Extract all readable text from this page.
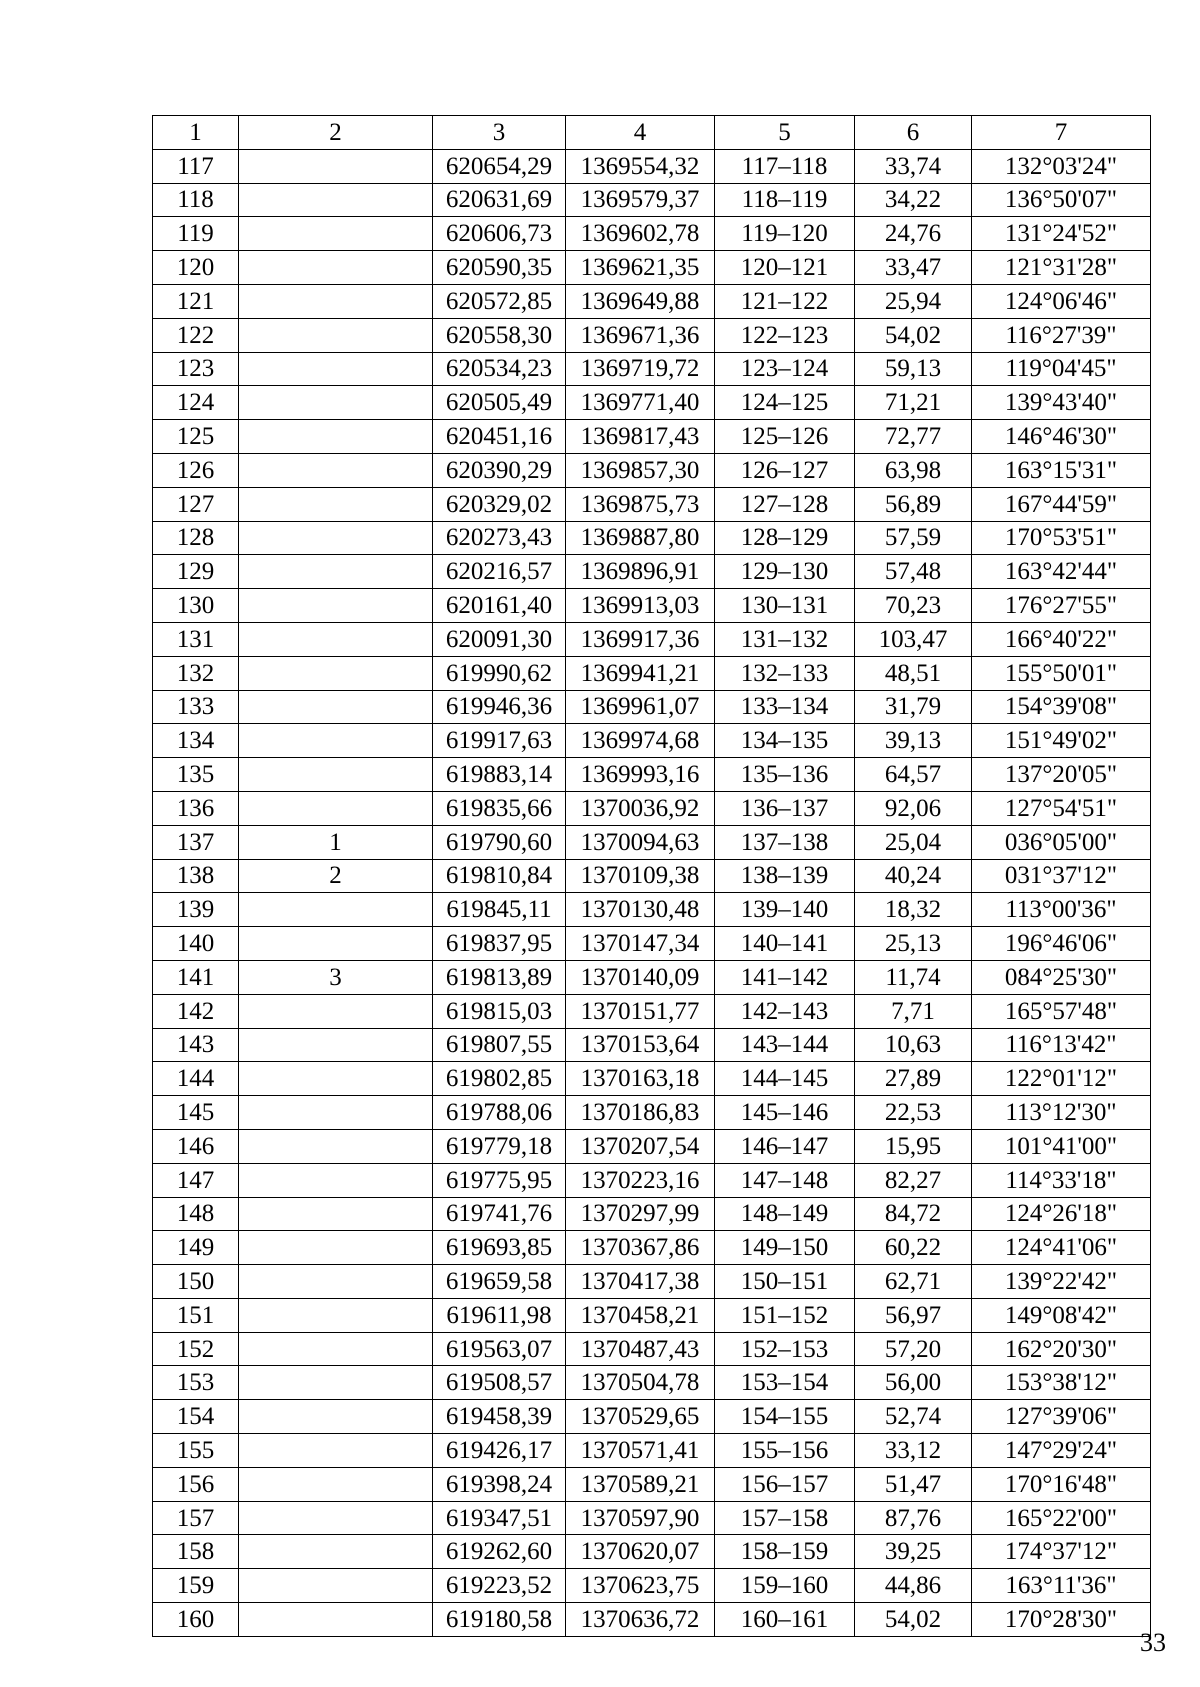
1	2	3	4	5	6	7
117		620654,29	1369554,32	117–118	33,74	132°03'24"
118		620631,69	1369579,37	118–119	34,22	136°50'07"
119		620606,73	1369602,78	119–120	24,76	131°24'52"
120		620590,35	1369621,35	120–121	33,47	121°31'28"
121		620572,85	1369649,88	121–122	25,94	124°06'46"
122		620558,30	1369671,36	122–123	54,02	116°27'39"
123		620534,23	1369719,72	123–124	59,13	119°04'45"
124		620505,49	1369771,40	124–125	71,21	139°43'40"
125		620451,16	1369817,43	125–126	72,77	146°46'30"
126		620390,29	1369857,30	126–127	63,98	163°15'31"
127		620329,02	1369875,73	127–128	56,89	167°44'59"
128		620273,43	1369887,80	128–129	57,59	170°53'51"
129		620216,57	1369896,91	129–130	57,48	163°42'44"
130		620161,40	1369913,03	130–131	70,23	176°27'55"
131		620091,30	1369917,36	131–132	103,47	166°40'22"
132		619990,62	1369941,21	132–133	48,51	155°50'01"
133		619946,36	1369961,07	133–134	31,79	154°39'08"
134		619917,63	1369974,68	134–135	39,13	151°49'02"
135		619883,14	1369993,16	135–136	64,57	137°20'05"
136		619835,66	1370036,92	136–137	92,06	127°54'51"
137	1	619790,60	1370094,63	137–138	25,04	036°05'00"
138	2	619810,84	1370109,38	138–139	40,24	031°37'12"
139		619845,11	1370130,48	139–140	18,32	113°00'36"
140		619837,95	1370147,34	140–141	25,13	196°46'06"
141	3	619813,89	1370140,09	141–142	11,74	084°25'30"
142		619815,03	1370151,77	142–143	7,71	165°57'48"
143		619807,55	1370153,64	143–144	10,63	116°13'42"
144		619802,85	1370163,18	144–145	27,89	122°01'12"
145		619788,06	1370186,83	145–146	22,53	113°12'30"
146		619779,18	1370207,54	146–147	15,95	101°41'00"
147		619775,95	1370223,16	147–148	82,27	114°33'18"
148		619741,76	1370297,99	148–149	84,72	124°26'18"
149		619693,85	1370367,86	149–150	60,22	124°41'06"
150		619659,58	1370417,38	150–151	62,71	139°22'42"
151		619611,98	1370458,21	151–152	56,97	149°08'42"
152		619563,07	1370487,43	152–153	57,20	162°20'30"
153		619508,57	1370504,78	153–154	56,00	153°38'12"
154		619458,39	1370529,65	154–155	52,74	127°39'06"
155		619426,17	1370571,41	155–156	33,12	147°29'24"
156		619398,24	1370589,21	156–157	51,47	170°16'48"
157		619347,51	1370597,90	157–158	87,76	165°22'00"
158		619262,60	1370620,07	158–159	39,25	174°37'12"
159		619223,52	1370623,75	159–160	44,86	163°11'36"
160		619180,58	1370636,72	160–161	54,02	170°28'30"
33
